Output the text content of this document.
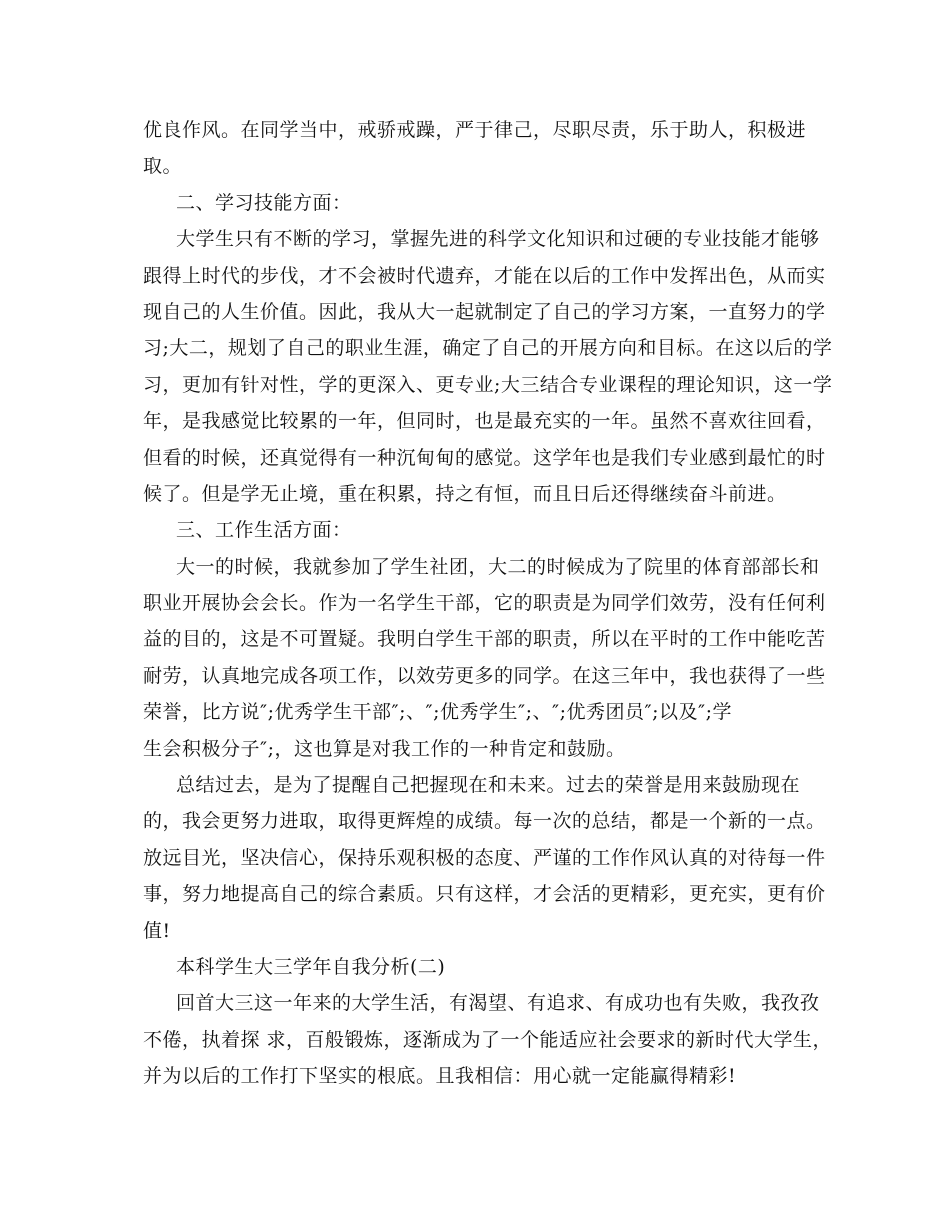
优良作风。在同学当中，戒骄戒躁，严于律己，尽职尽责，乐于助人，积极进
取。
二、学习技能方面：
大学生只有不断的学习，掌握先进的科学文化知识和过硬的专业技能才能够
跟得上时代的步伐，才不会被时代遗弃，才能在以后的工作中发挥出色，从而实
现自己的人生价值。因此，我从大一起就制定了自己的学习方案，一直努力的学
习;大二，规划了自己的职业生涯，确定了自己的开展方向和目标。在这以后的学
习，更加有针对性，学的更深入、更专业;大三结合专业课程的理论知识，这一学
年，是我感觉比较累的一年，但同时，也是最充实的一年。虽然不喜欢往回看，
但看的时候，还真觉得有一种沉甸甸的感觉。这学年也是我们专业感到最忙的时
候了。但是学无止境，重在积累，持之有恒，而且日后还得继续奋斗前进。
三、工作生活方面：
大一的时候，我就参加了学生社团，大二的时候成为了院里的体育部部长和
职业开展协会会长。作为一名学生干部，它的职责是为同学们效劳，没有任何利
益的目的，这是不可置疑。我明白学生干部的职责，所以在平时的工作中能吃苦
耐劳，认真地完成各项工作，以效劳更多的同学。在这三年中，我也获得了一些
荣誉，比方说″;优秀学生干部″;、″;优秀学生″;、″;优秀团员″;以及″;学
生会积极分子″;，这也算是对我工作的一种肯定和鼓励。
总结过去，是为了提醒自己把握现在和未来。过去的荣誉是用来鼓励现在
的，我会更努力进取，取得更辉煌的成绩。每一次的总结，都是一个新的一点。
放远目光，坚决信心，保持乐观积极的态度、严谨的工作作风认真的对待每一件
事，努力地提高自己的综合素质。只有这样，才会活的更精彩，更充实，更有价
值!
本科学生大三学年自我分析(二)
回首大三这一年来的大学生活，有渴望、有追求、有成功也有失败，我孜孜
不倦，执着探 求，百般锻炼，逐渐成为了一个能适应社会要求的新时代大学生，
并为以后的工作打下坚实的根底。且我相信：用心就一定能赢得精彩!
